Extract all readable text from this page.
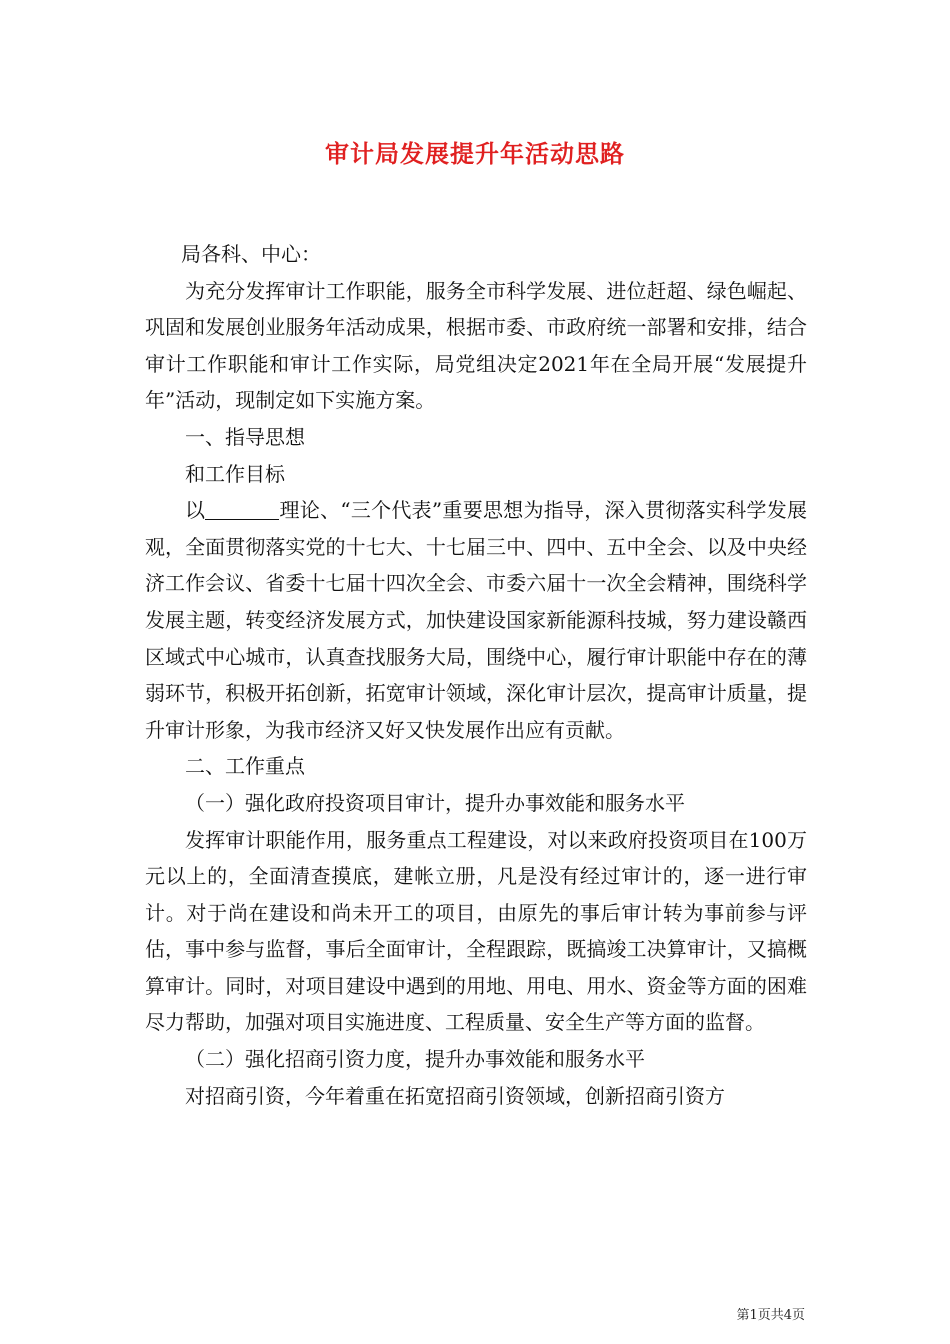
审计局发展提升年活动思路

局各科、中心：

为充分发挥审计工作职能，服务全市科学发展、进位赶超、绿色崛起、巩固和发展创业服务年活动成果，根据市委、市政府统一部署和安排，结合审计工作职能和审计工作实际，局党组决定2021年在全局开展“发展提升年”活动，现制定如下实施方案。

一、指导思想

和工作目标

以	理论、“三个代表”重要思想为指导，深入贯彻落实科学发展观，全面贯彻落实党的十七大、十七届三中、四中、五中全会、以及中央经济工作会议、省委十七届十四次全会、市委六届十一次全会精神，围绕科学发展主题，转变经济发展方式，加快建设国家新能源科技城，努力建设赣西区域式中心城市，认真查找服务大局，围绕中心，履行审计职能中存在的薄弱环节，积极开拓创新，拓宽审计领域，深化审计层次，提高审计质量，提升审计形象，为我市经济又好又快发展作出应有贡献。

二、工作重点

（一）强化政府投资项目审计，提升办事效能和服务水平

发挥审计职能作用，服务重点工程建设，对以来政府投资项目在100万元以上的，全面清查摸底，建帐立册，凡是没有经过审计的，逐一进行审计。对于尚在建设和尚未开工的项目，由原先的事后审计转为事前参与评估，事中参与监督，事后全面审计，全程跟踪，既搞竣工决算审计，又搞概算审计。同时，对项目建设中遇到的用地、用电、用水、资金等方面的困难尽力帮助，加强对项目实施进度、工程质量、安全生产等方面的监督。

（二）强化招商引资力度，提升办事效能和服务水平

对招商引资，今年着重在拓宽招商引资领域，创新招商引资方

第1页共4页
